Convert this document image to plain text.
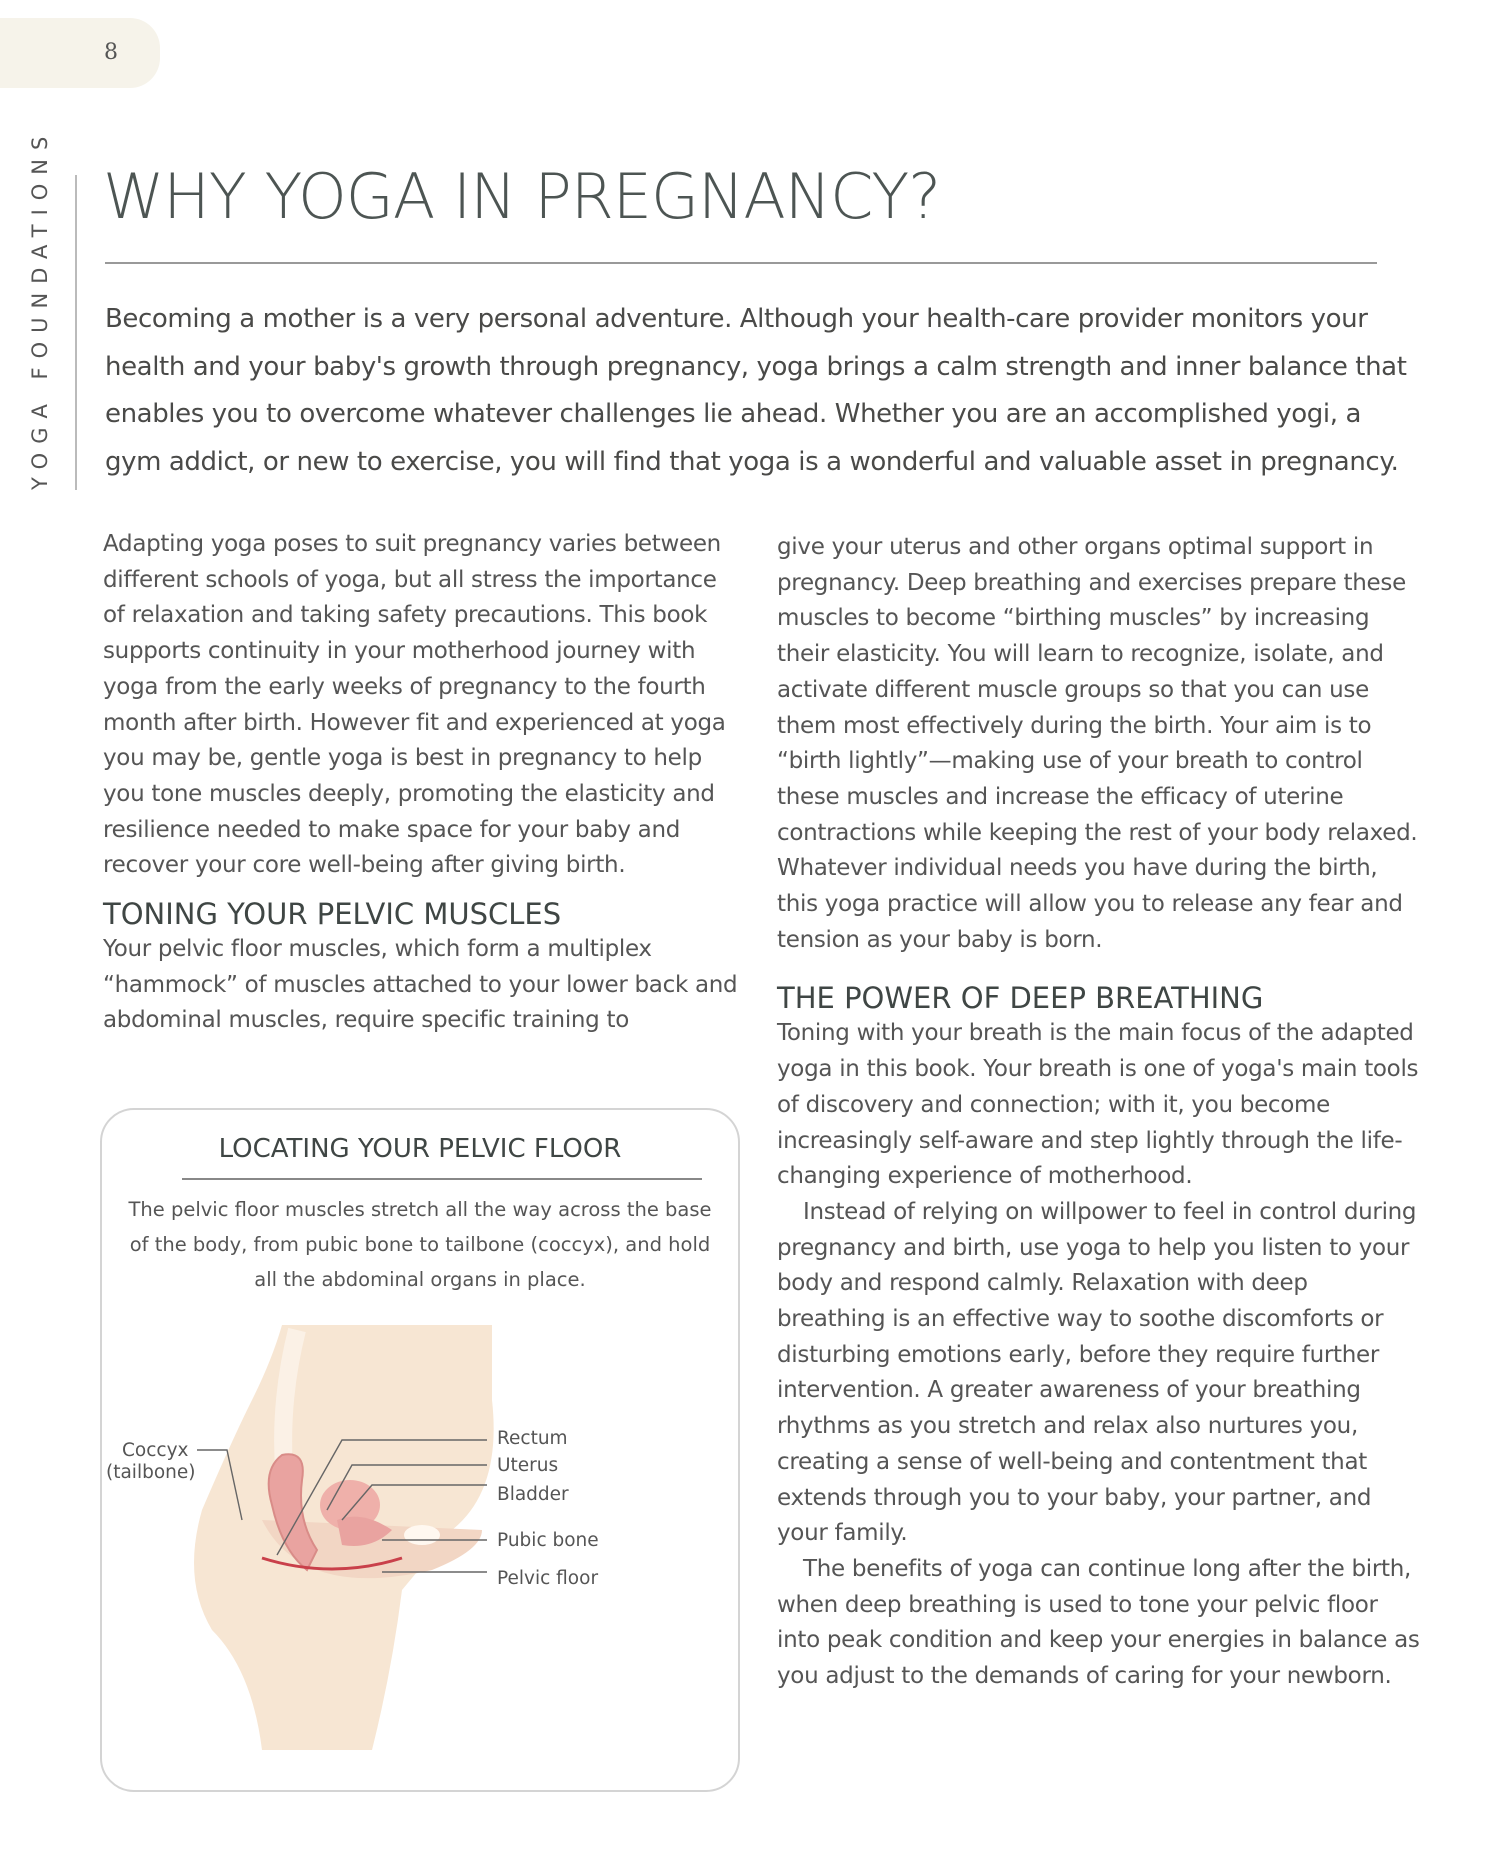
8
YOGA FOUNDATIONS WHY YOGA IN PREGNANCY?
Becoming a mother is a very personal adventure. Although your health-care provider monitors your health and your baby's growth through pregnancy, yoga brings a calm strength and inner balance that enables you to overcome whatever challenges lie ahead. Whether you are an accomplished yogi, a gym addict, or new to exercise, you will find that yoga is a wonderful and valuable asset in pregnancy.

Adapting yoga poses to suit pregnancy varies between different schools of yoga, but all stress the importance of relaxation and taking safety precautions. This book supports continuity in your motherhood journey with yoga from the early weeks of pregnancy to the fourth month after birth. However fit and experienced at yoga you may be, gentle yoga is best in pregnancy to help you tone muscles deeply, promoting the elasticity and resilience needed to make space for your baby and recover your core well-being after giving birth.

TONING YOUR PELVIC MUSCLES

Your pelvic floor muscles, which form a multiplex “hammock” of muscles attached to your lower back and abdominal muscles, require specific training to

give your uterus and other organs optimal support in pregnancy. Deep breathing and exercises prepare these muscles to become “birthing muscles” by increasing their elasticity. You will learn to recognize, isolate, and activate different muscle groups so that you can use them most effectively during the birth. Your aim is to “birth lightly”—making use of your breath to control these muscles and increase the efficacy of uterine contractions while keeping the rest of your body relaxed. Whatever individual needs you have during the birth, this yoga practice will allow you to release any fear and tension as your baby is born.

THE POWER OF DEEP BREATHING

Toning with your breath is the main focus of the adapted yoga in this book. Your breath is one of yoga's main tools of discovery and connection; with it, you become increasingly self-aware and step lightly through the life-changing experience of motherhood.

Instead of relying on willpower to feel in control during pregnancy and birth, use yoga to help you listen to your body and respond calmly. Relaxation with deep breathing is an effective way to soothe discomforts or disturbing emotions early, before they require further intervention. A greater awareness of your breathing rhythms as you stretch and relax also nurtures you, creating a sense of well-being and contentment that extends through you to your baby, your partner, and your family.

The benefits of yoga can continue long after the birth, when deep breathing is used to tone your pelvic floor into peak condition and keep your energies in balance as you adjust to the demands of caring for your newborn.

LOCATING YOUR PELVIC FLOOR
The pelvic floor muscles stretch all the way across the base of the body, from pubic bone to tailbone (coccyx), and hold all the abdominal organs in place.
Coccyx
(tailbone)
Rectum
Uterus
Bladder
Pubic bone
Pelvic floor
